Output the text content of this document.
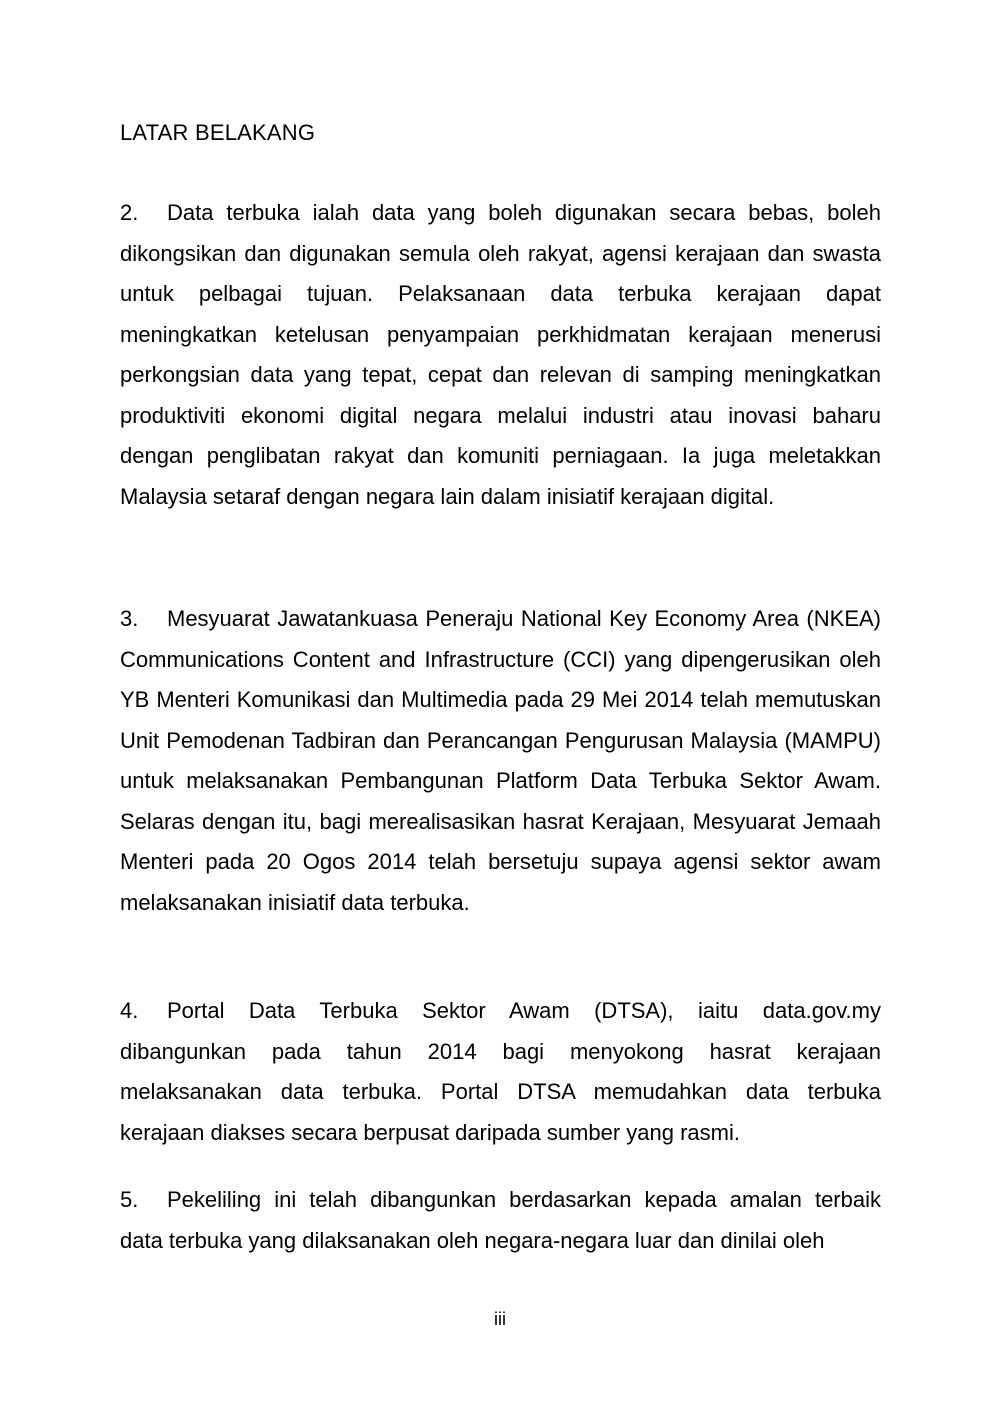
LATAR BELAKANG

2. Data terbuka ialah data yang boleh digunakan secara bebas, boleh dikongsikan dan digunakan semula oleh rakyat, agensi kerajaan dan swasta untuk pelbagai tujuan. Pelaksanaan data terbuka kerajaan dapat meningkatkan ketelusan penyampaian perkhidmatan kerajaan menerusi perkongsian data yang tepat, cepat dan relevan di samping meningkatkan produktiviti ekonomi digital negara melalui industri atau inovasi baharu dengan penglibatan rakyat dan komuniti perniagaan. Ia juga meletakkan Malaysia setaraf dengan negara lain dalam inisiatif kerajaan digital.

3. Mesyuarat Jawatankuasa Peneraju National Key Economy Area (NKEA) Communications Content and Infrastructure (CCI) yang dipengerusikan oleh YB Menteri Komunikasi dan Multimedia pada 29 Mei 2014 telah memutuskan Unit Pemodenan Tadbiran dan Perancangan Pengurusan Malaysia (MAMPU) untuk melaksanakan Pembangunan Platform Data Terbuka Sektor Awam. Selaras dengan itu, bagi merealisasikan hasrat Kerajaan, Mesyuarat Jemaah Menteri pada 20 Ogos 2014 telah bersetuju supaya agensi sektor awam melaksanakan inisiatif data terbuka.

4. Portal Data Terbuka Sektor Awam (DTSA), iaitu data.gov.my dibangunkan pada tahun 2014 bagi menyokong hasrat kerajaan melaksanakan data terbuka. Portal DTSA memudahkan data terbuka kerajaan diakses secara berpusat daripada sumber yang rasmi.

5. Pekeliling ini telah dibangunkan berdasarkan kepada amalan terbaik data terbuka yang dilaksanakan oleh negara-negara luar dan dinilai oleh

iii
